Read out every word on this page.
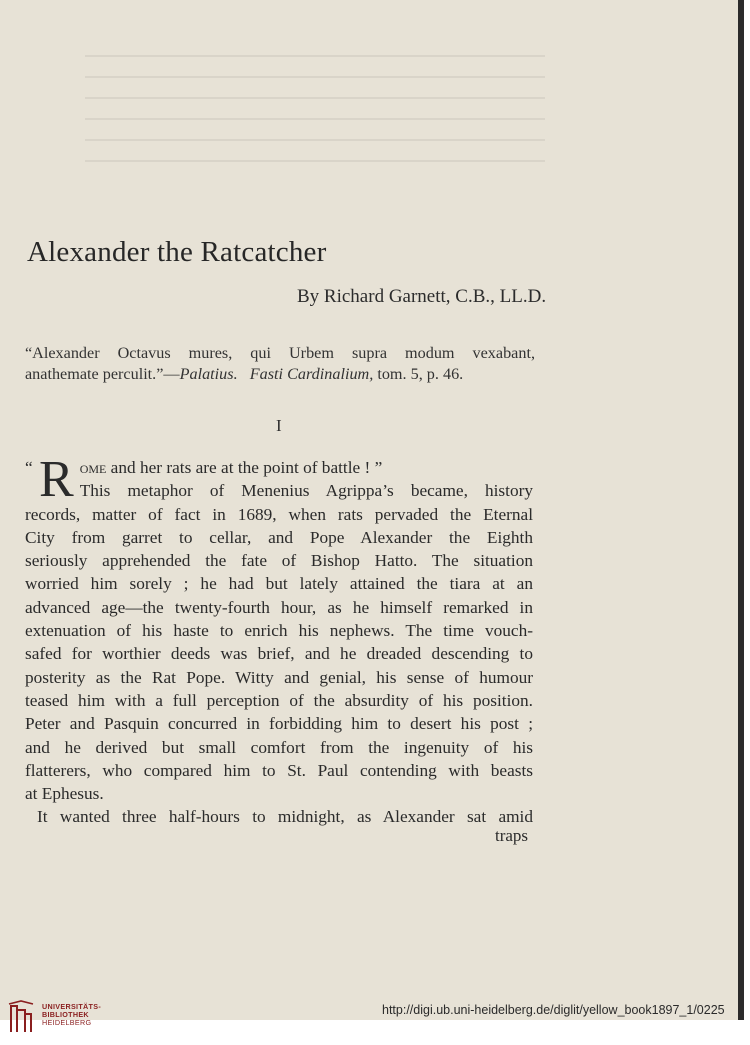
Alexander the Ratcatcher
By Richard Garnett, C.B., LL.D.
“Alexander Octavus mures, qui Urbem supra modum vexabant,
anathemate perculit.”—Palatius. Fasti Cardinalium, tom. 5, p. 46.
I
“ R ome and her rats are at the point of battle ! ”
This metaphor of Menenius Agrippa’s became, history
records, matter of fact in 1689, when rats pervaded the Eternal
City from garret to cellar, and Pope Alexander the Eighth
seriously apprehended the fate of Bishop Hatto. The situation
worried him sorely ; he had but lately attained the tiara at an
advanced age—the twenty-fourth hour, as he himself remarked in
extenuation of his haste to enrich his nephews. The time vouch-
safed for worthier deeds was brief, and he dreaded descending to
posterity as the Rat Pope. Witty and genial, his sense of humour
teased him with a full perception of the absurdity of his position.
Peter and Pasquin concurred in forbidding him to desert his post ;
and he derived but small comfort from the ingenuity of his
flatterers, who compared him to St. Paul contending with beasts
at Ephesus.
It wanted three half-hours to midnight, as Alexander sat amid
traps
UNIVERSITÄTS-
BIBLIOTHEK
HEIDELBERG
http://digi.ub.uni-heidelberg.de/diglit/yellow_book1897_1/0225
